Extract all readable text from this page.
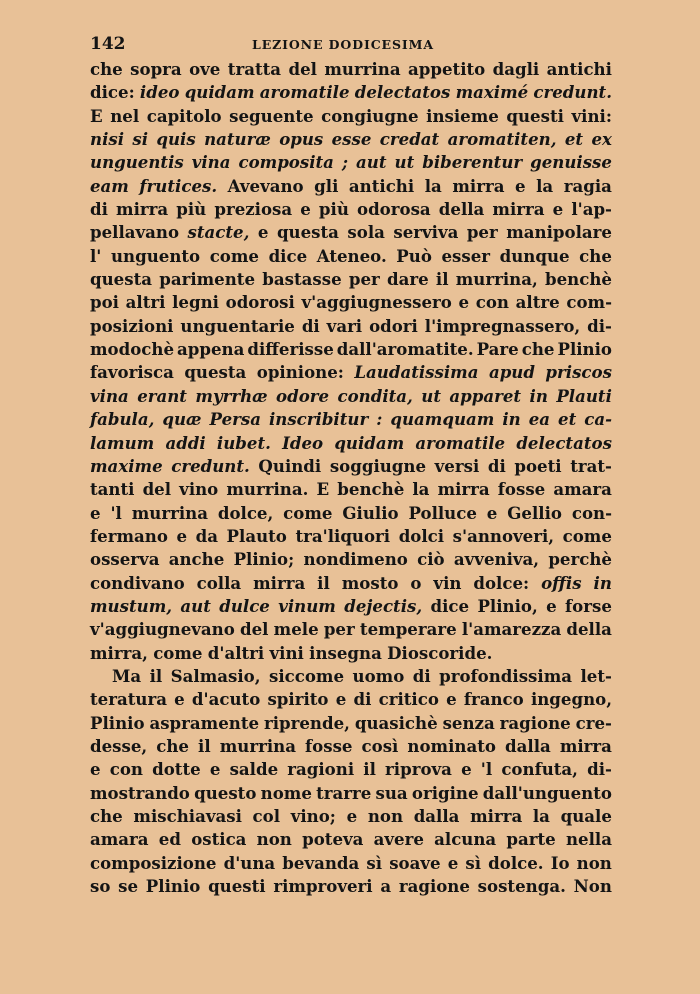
142	LEZIONE DODICESIMA
che sopra ove tratta del murrina appetito dagli antichi
dice: ideo quidam aromatile delectatos maximé credunt.
E nel capitolo seguente congiugne insieme questi vini:
nisi si quis naturæ opus esse credat aromatiten, et ex
unguentis vina composita ; aut ut biberentur genuisse
eam frutices. Avevano gli antichi la mirra e la ragia
di mirra più preziosa e più odorosa della mirra e l'ap-
pellavano stacte, e questa sola serviva per manipolare
l' unguento come dice Ateneo. Può esser dunque che
questa parimente bastasse per dare il murrina, benchè
poi altri legni odorosi v'aggiugnessero e con altre com-
posizioni unguentarie di vari odori l'impregnassero, di-
modochè appena differisse dall'aromatite. Pare che Plinio
favorisca questa opinione: Laudatissima apud priscos
vina erant myrrhæ odore condita, ut apparet in Plauti
fabula, quæ Persa inscribitur : quamquam in ea et ca-
lamum addi iubet. Ideo quidam aromatile delectatos
maxime credunt. Quindi soggiugne versi di poeti trat-
tanti del vino murrina. E benchè la mirra fosse amara
e 'l murrina dolce, come Giulio Polluce e Gellio con-
fermano e da Plauto tra'liquori dolci s'annoveri, come
osserva anche Plinio; nondimeno ciò avveniva, perchè
condivano colla mirra il mosto o vin dolce: offis in
mustum, aut dulce vinum dejectis, dice Plinio, e forse
v'aggiugnevano del mele per temperare l'amarezza della
mirra, come d'altri vini insegna Dioscoride.
Ma il Salmasio, siccome uomo di profondissima let-
teratura e d'acuto spirito e di critico e franco ingegno,
Plinio aspramente riprende, quasichè senza ragione cre-
desse, che il murrina fosse così nominato dalla mirra
e con dotte e salde ragioni il riprova e 'l confuta, di-
mostrando questo nome trarre sua origine dall'unguento
che mischiavasi col vino; e non dalla mirra la quale
amara ed ostica non poteva avere alcuna parte nella
composizione d'una bevanda sì soave e sì dolce. Io non
so se Plinio questi rimproveri a ragione sostenga. Non
